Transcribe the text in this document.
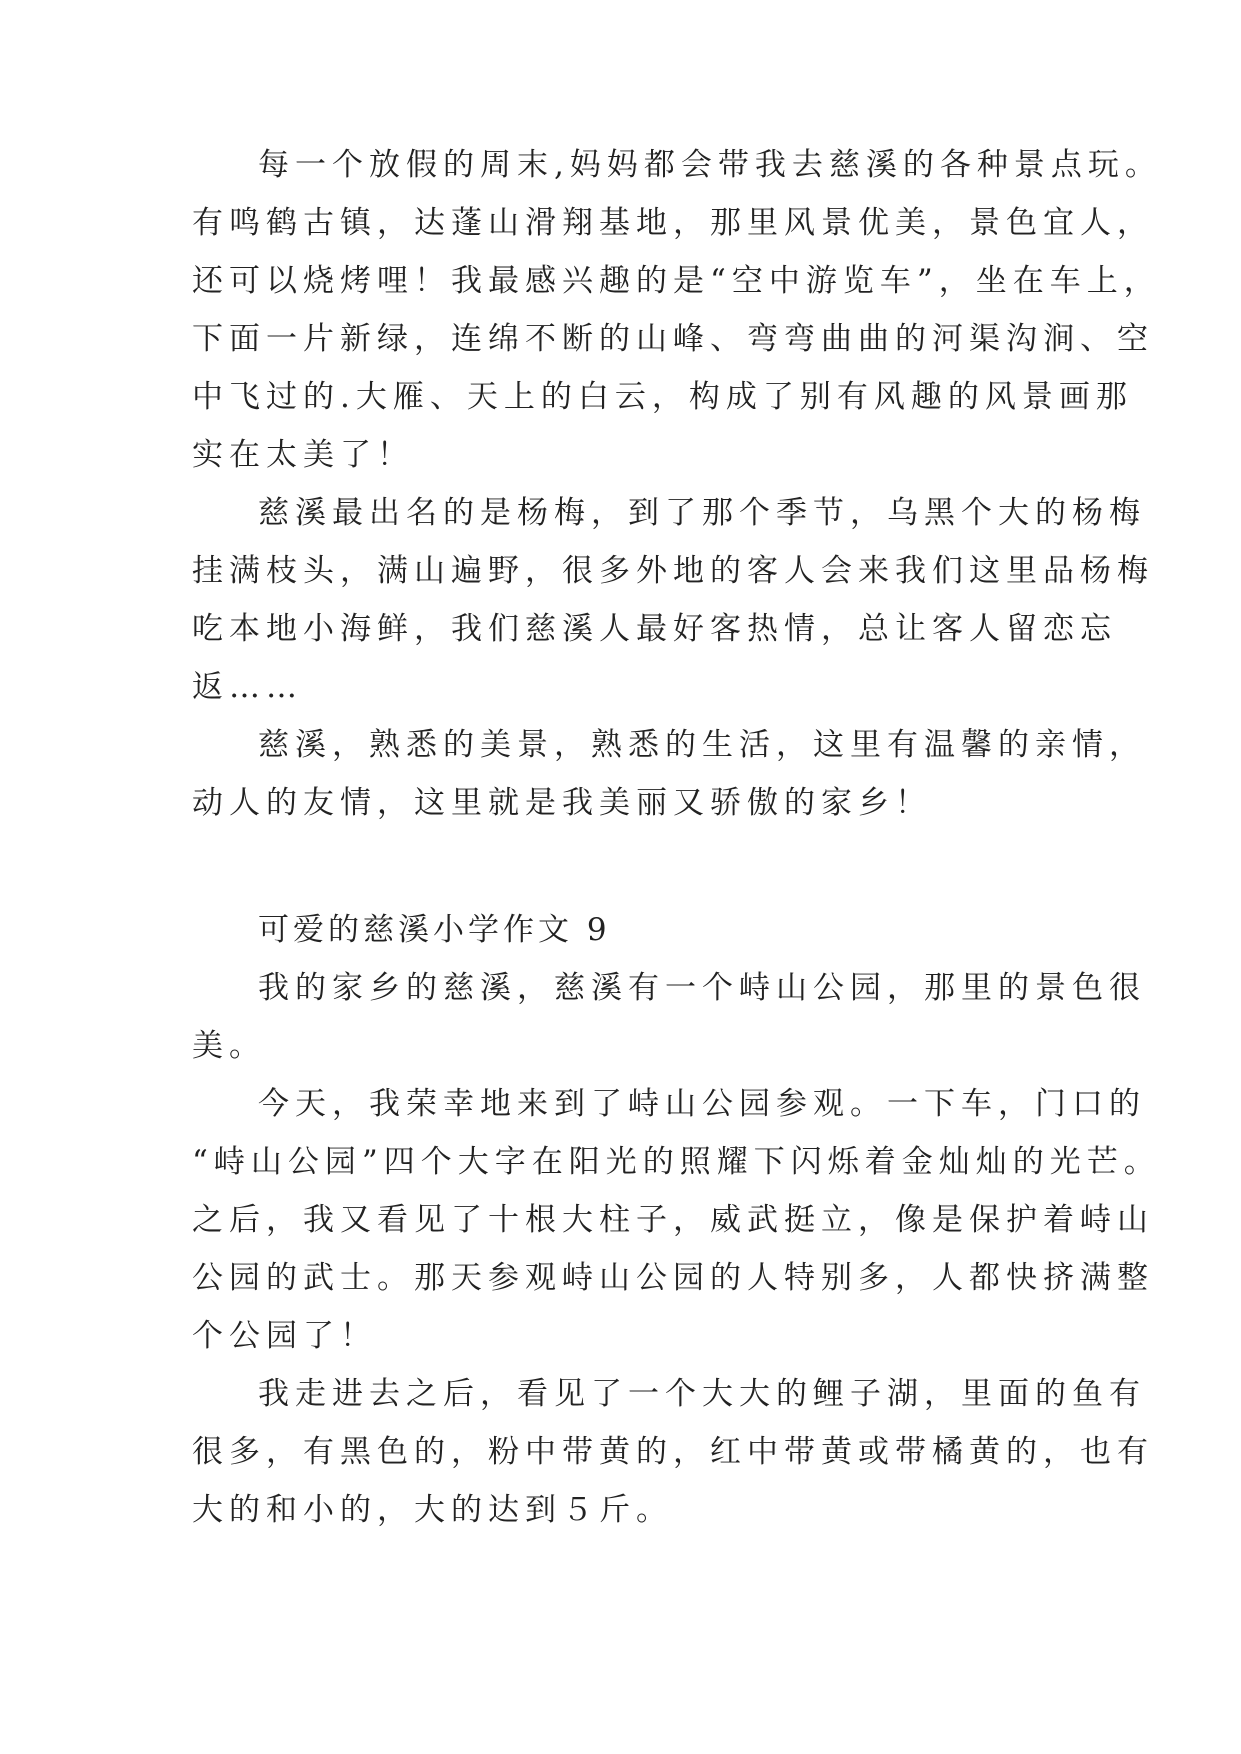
每一个放假的周末,妈妈都会带我去慈溪的各种景点玩。
有鸣鹤古镇，达蓬山滑翔基地，那里风景优美，景色宜人，
还可以烧烤哩！我最感兴趣的是“空中游览车”，坐在车上，
下面一片新绿，连绵不断的山峰、弯弯曲曲的河渠沟涧、空
中飞过的.大雁、天上的白云，构成了别有风趣的风景画那
实在太美了！
慈溪最出名的是杨梅，到了那个季节，乌黑个大的杨梅
挂满枝头，满山遍野，很多外地的客人会来我们这里品杨梅
吃本地小海鲜，我们慈溪人最好客热情，总让客人留恋忘
返……
慈溪，熟悉的美景，熟悉的生活，这里有温馨的亲情，
动人的友情，这里就是我美丽又骄傲的家乡！
可爱的慈溪小学作文 9
我的家乡的慈溪，慈溪有一个峙山公园，那里的景色很
美。
今天，我荣幸地来到了峙山公园参观。一下车，门口的
“峙山公园”四个大字在阳光的照耀下闪烁着金灿灿的光芒。
之后，我又看见了十根大柱子，威武挺立，像是保护着峙山
公园的武士。那天参观峙山公园的人特别多，人都快挤满整
个公园了！
我走进去之后，看见了一个大大的鲤子湖，里面的鱼有
很多，有黑色的，粉中带黄的，红中带黄或带橘黄的，也有
大的和小的，大的达到５斤。
